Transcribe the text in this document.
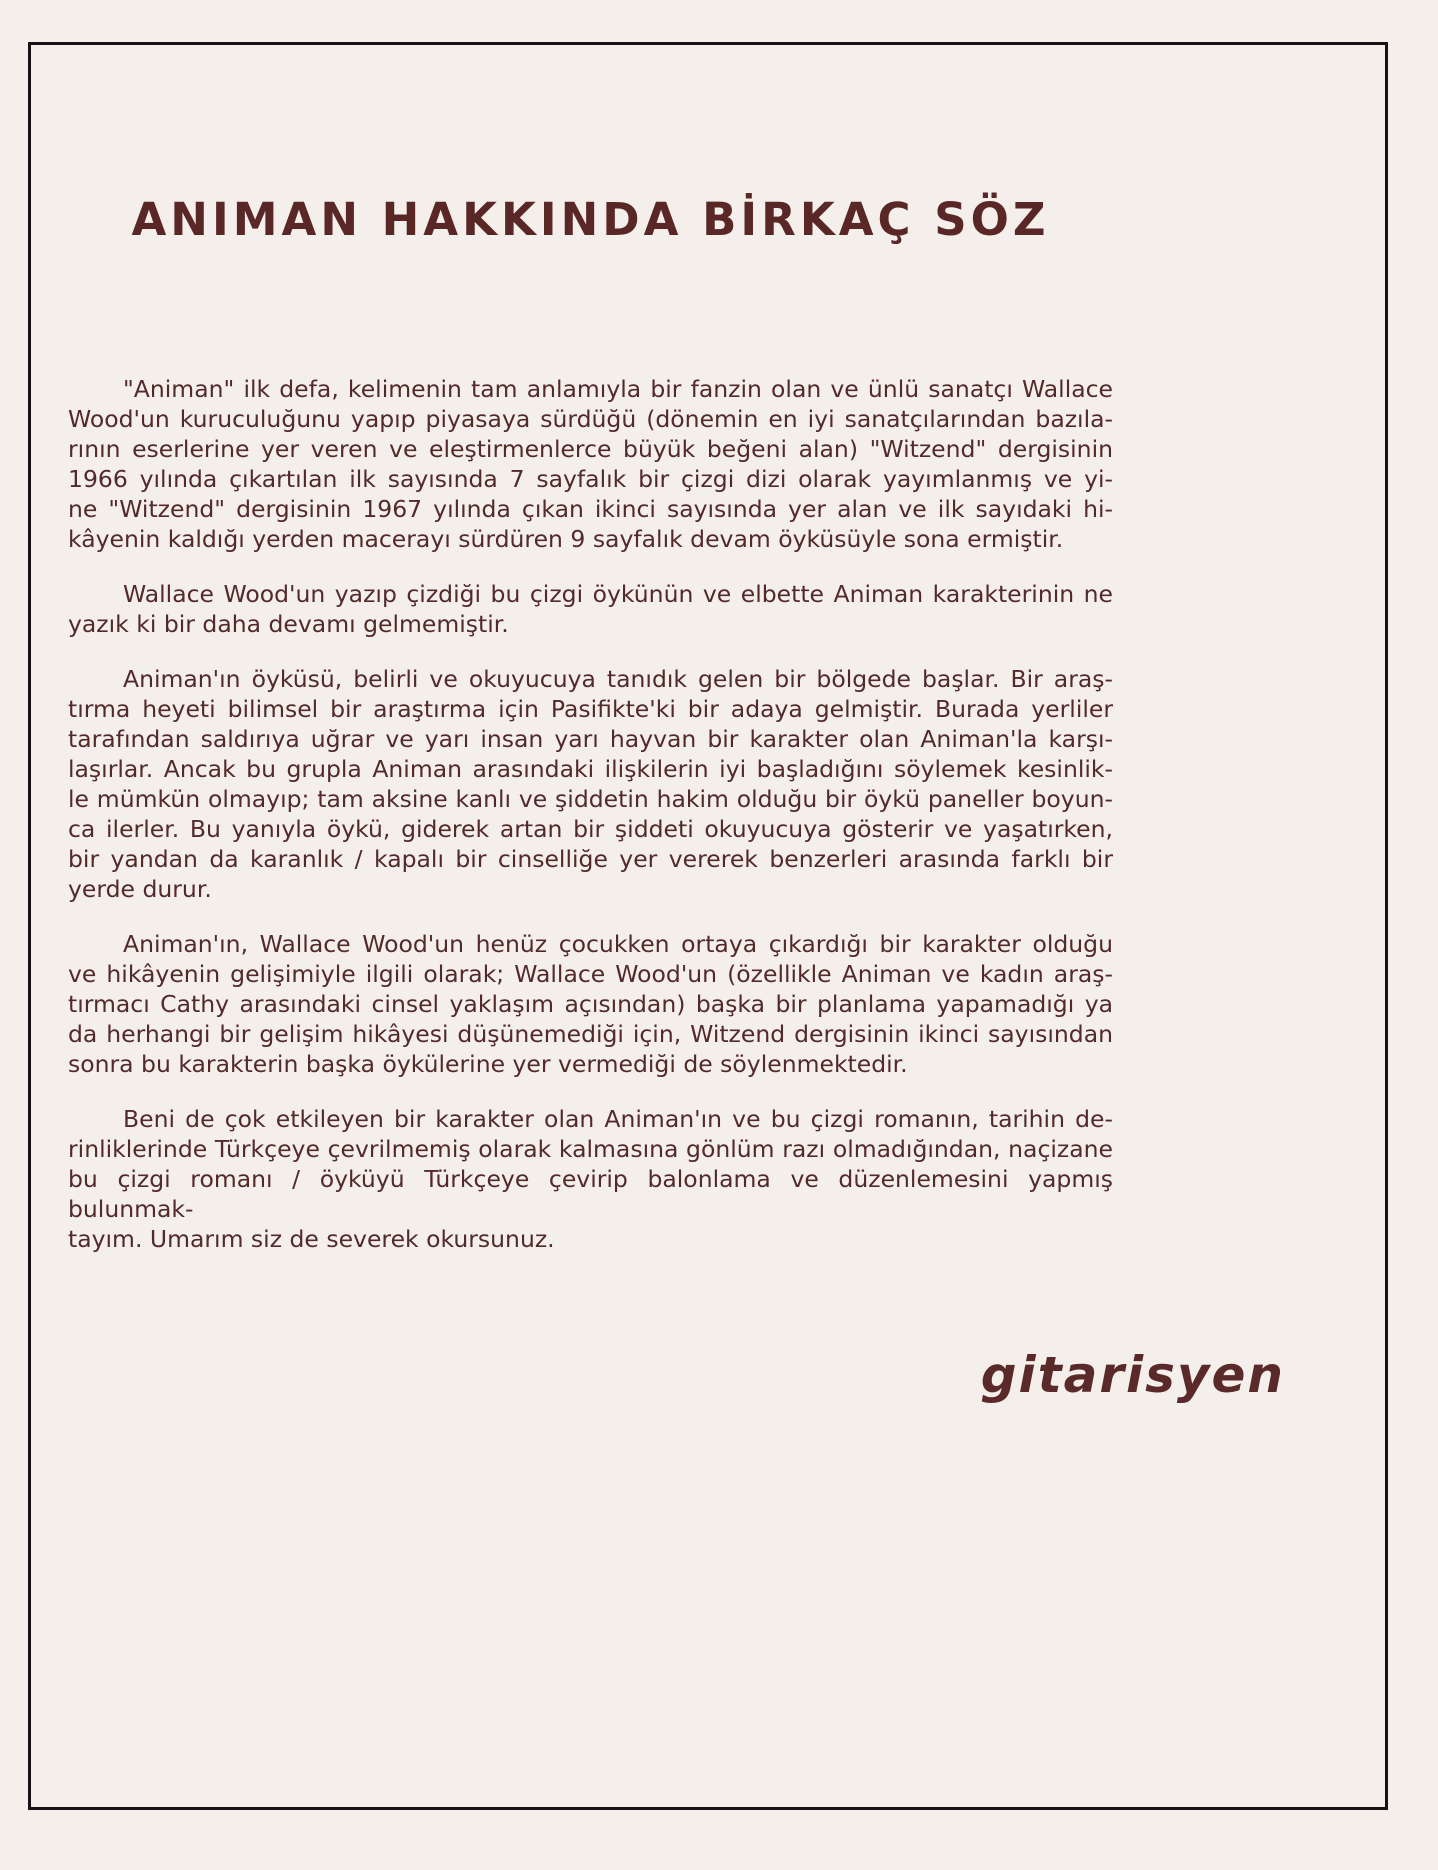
ANIMAN HAKKINDA BİRKAÇ SÖZ
"Animan" ilk defa, kelimenin tam anlamıyla bir fanzin olan ve ünlü sanatçı Wallace
Wood'un kuruculuğunu yapıp piyasaya sürdüğü (dönemin en iyi sanatçılarından bazıla-
rının eserlerine yer veren ve eleştirmenlerce büyük beğeni alan) "Witzend" dergisinin
1966 yılında çıkartılan ilk sayısında 7 sayfalık bir çizgi dizi olarak yayımlanmış ve yi-
ne "Witzend" dergisinin 1967 yılında çıkan ikinci sayısında yer alan ve ilk sayıdaki hi-
kâyenin kaldığı yerden macerayı sürdüren 9 sayfalık devam öyküsüyle sona ermiştir.
Wallace Wood'un yazıp çizdiği bu çizgi öykünün ve elbette Animan karakterinin ne
yazık ki bir daha devamı gelmemiştir.
Animan'ın öyküsü, belirli ve okuyucuya tanıdık gelen bir bölgede başlar. Bir araş-
tırma heyeti bilimsel bir araştırma için Pasifikte'ki bir adaya gelmiştir. Burada yerliler
tarafından saldırıya uğrar ve yarı insan yarı hayvan bir karakter olan Animan'la karşı-
laşırlar. Ancak bu grupla Animan arasındaki ilişkilerin iyi başladığını söylemek kesinlik-
le mümkün olmayıp; tam aksine kanlı ve şiddetin hakim olduğu bir öykü paneller boyun-
ca ilerler. Bu yanıyla öykü, giderek artan bir şiddeti okuyucuya gösterir ve yaşatırken,
bir yandan da karanlık / kapalı bir cinselliğe yer vererek benzerleri arasında farklı bir
yerde durur.
Animan'ın, Wallace Wood'un henüz çocukken ortaya çıkardığı bir karakter olduğu
ve hikâyenin gelişimiyle ilgili olarak; Wallace Wood'un (özellikle Animan ve kadın araş-
tırmacı Cathy arasındaki cinsel yaklaşım açısından) başka bir planlama yapamadığı ya
da herhangi bir gelişim hikâyesi düşünemediği için, Witzend dergisinin ikinci sayısından
sonra bu karakterin başka öykülerine yer vermediği de söylenmektedir.
Beni de çok etkileyen bir karakter olan Animan'ın ve bu çizgi romanın, tarihin de-
rinliklerinde Türkçeye çevrilmemiş olarak kalmasına gönlüm razı olmadığından, naçizane
bu çizgi romanı / öyküyü Türkçeye çevirip balonlama ve düzenlemesini yapmış bulunmak-
tayım. Umarım siz de severek okursunuz.
gitarisyen
